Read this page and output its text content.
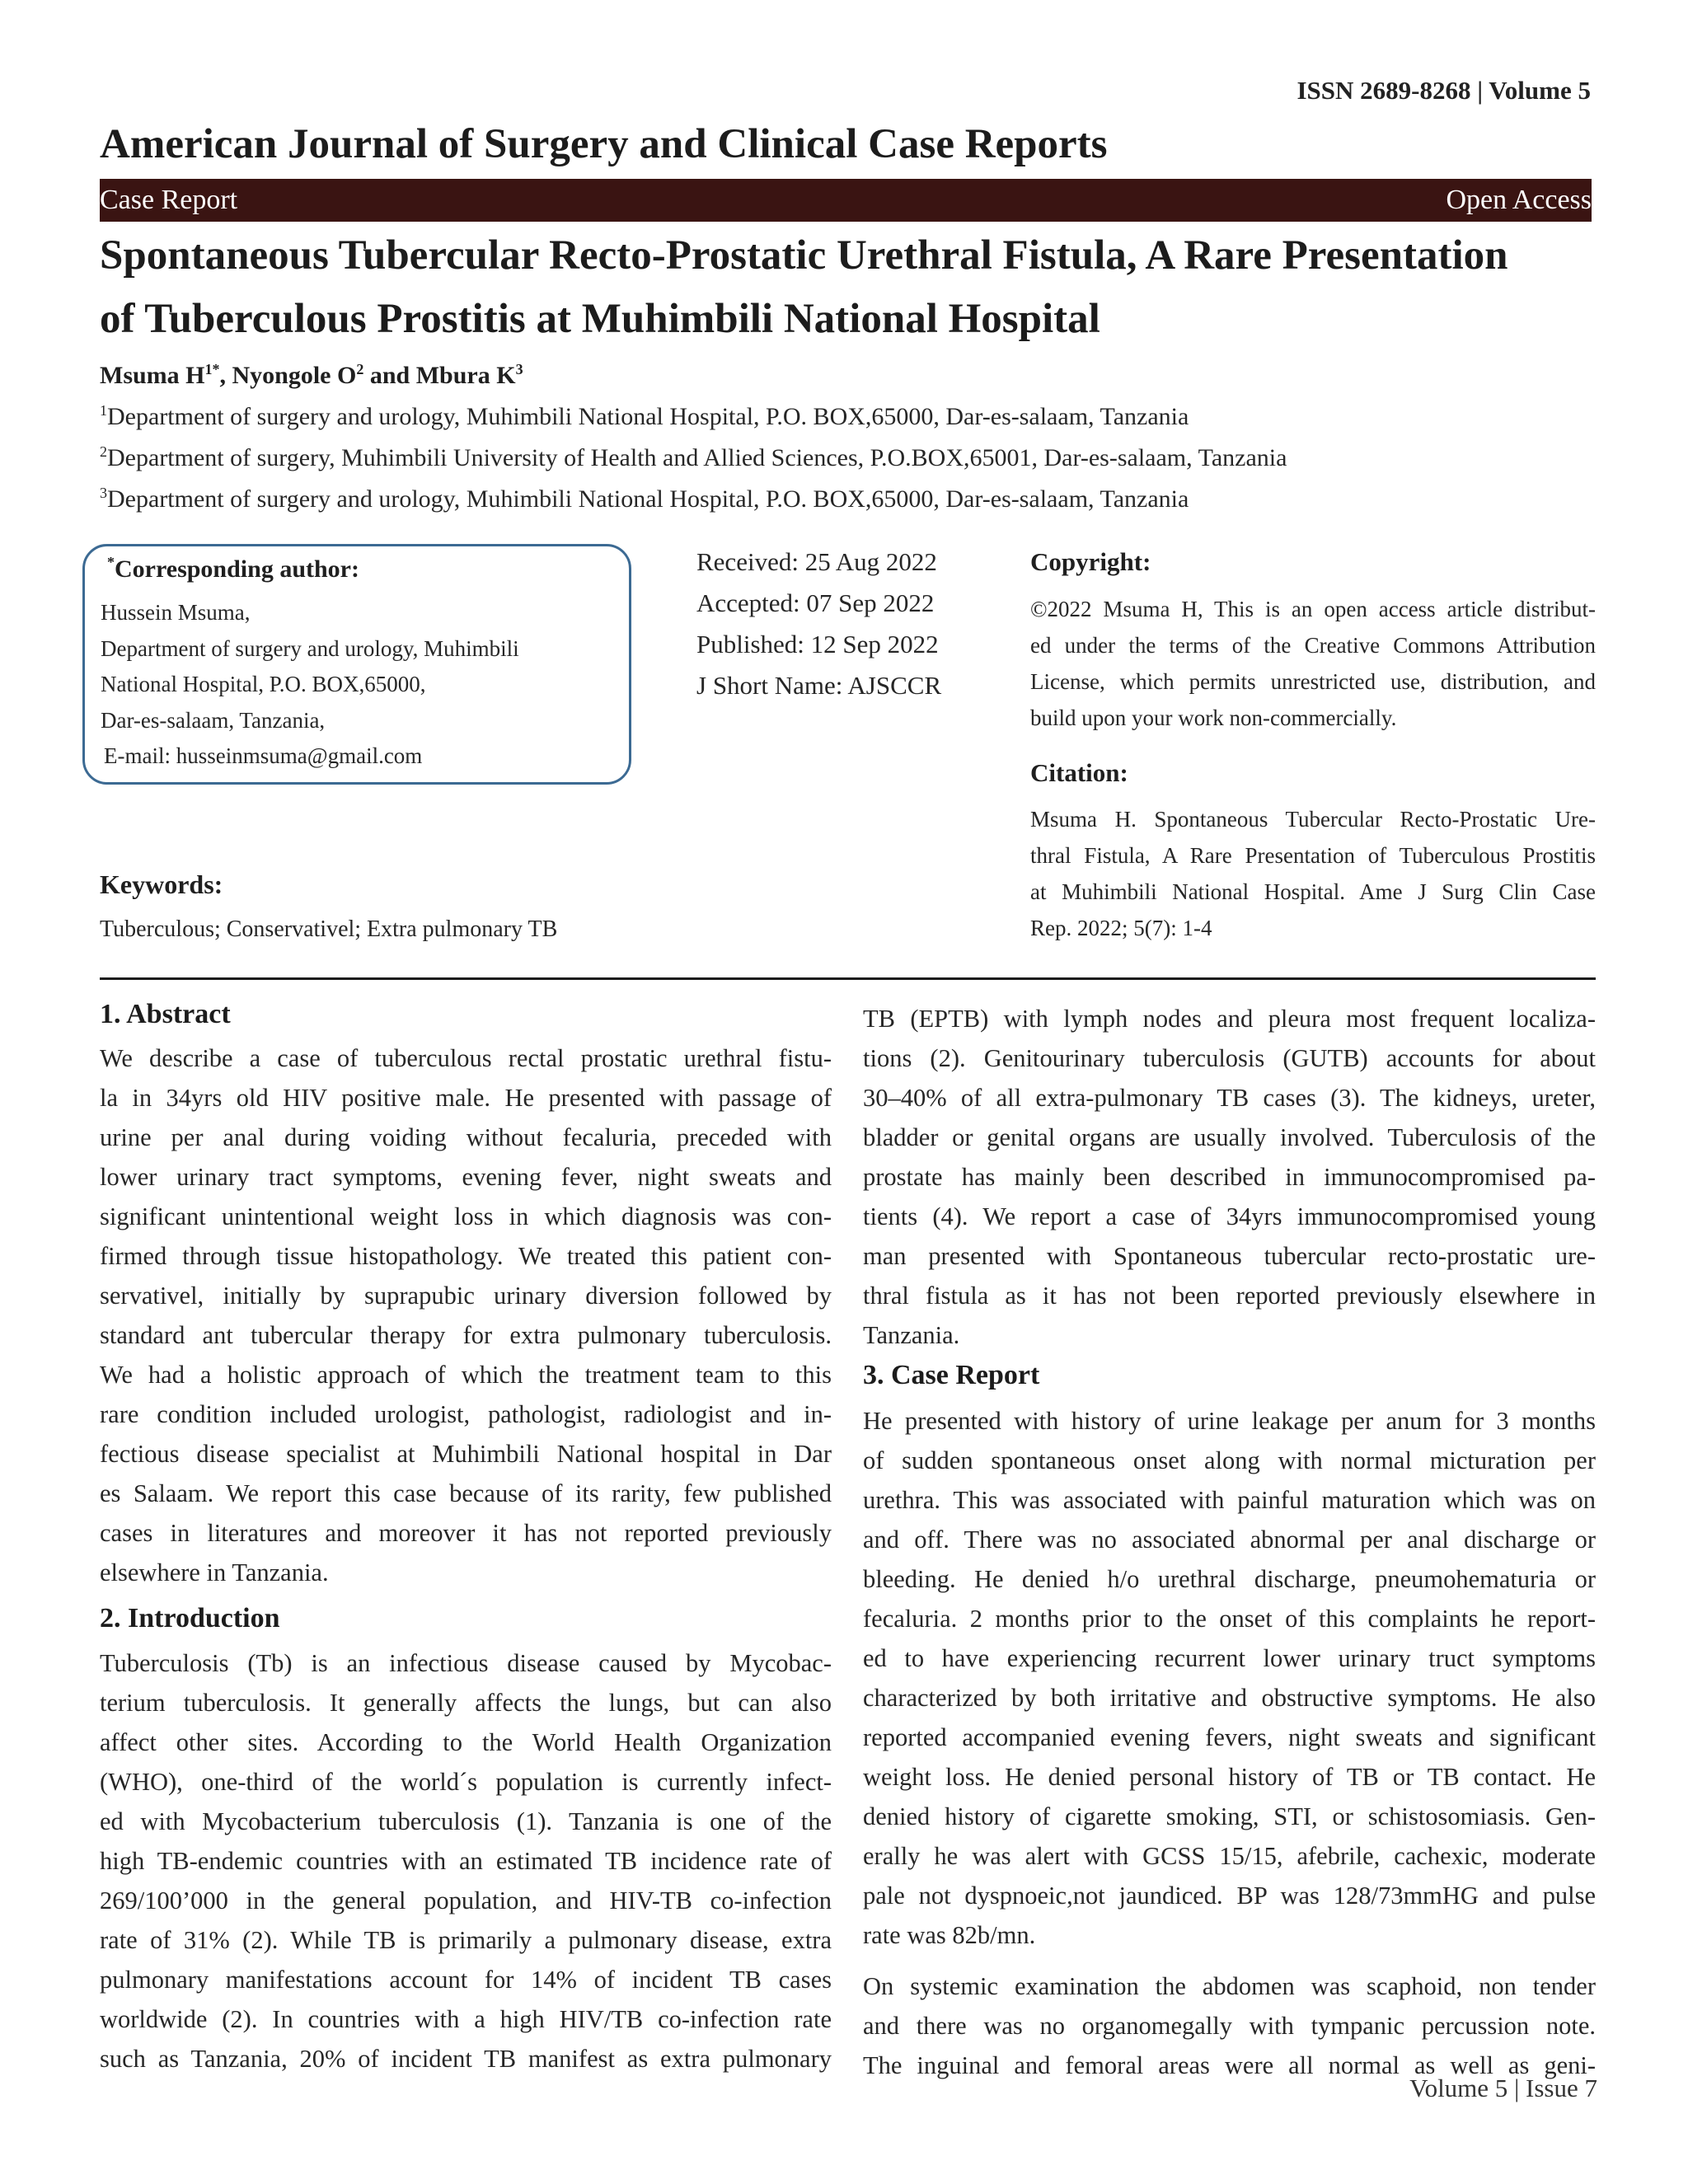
ISSN 2689-8268 | Volume 5
American Journal of Surgery and Clinical Case Reports
Case Report	Open Access
Spontaneous Tubercular Recto-Prostatic Urethral Fistula, A Rare Presentation
of Tuberculous Prostitis at Muhimbili National Hospital
Msuma $H^{1*}$, Nyongole $O^2$ and Mbura $K^3$
$^1$Department of surgery and urology, Muhimbili National Hospital, P.O. BOX,65000, Dar-es-salaam, Tanzania
$^2$Department of surgery, Muhimbili University of Health and Allied Sciences, P.O.BOX,65001, Dar-es-salaam, Tanzania
$^3$Department of surgery and urology, Muhimbili National Hospital, P.O. BOX,65000, Dar-es-salaam, Tanzania
*Corresponding author:
Hussein Msuma,
Department of surgery and urology, Muhimbili
National Hospital, P.O. BOX,65000,
Dar-es-salaam, Tanzania,
E-mail: husseinmsuma@gmail.com
Received: 25 Aug 2022
Accepted: 07 Sep 2022
Published: 12 Sep 2022
J Short Name: AJSCCR
Copyright:
©2022 Msuma H, This is an open access article distribut-
ed under the terms of the Creative Commons Attribution
License, which permits unrestricted use, distribution, and
build upon your work non-commercially.
Citation:
Msuma H. Spontaneous Tubercular Recto-Prostatic Ure-
thral Fistula, A Rare Presentation of Tuberculous Prostitis
at Muhimbili National Hospital. Ame J Surg Clin Case
Rep. 2022; 5(7): 1-4
Keywords:
Tuberculous; Conservativel; Extra pulmonary TB
1. Abstract
We describe a case of tuberculous rectal prostatic urethral fistu-
la in 34yrs old HIV positive male. He presented with passage of
urine per anal during voiding without fecaluria, preceded with
lower urinary tract symptoms, evening fever, night sweats and
significant unintentional weight loss in which diagnosis was con-
firmed through tissue histopathology. We treated this patient con-
servativel, initially by suprapubic urinary diversion followed by
standard ant tubercular therapy for extra pulmonary tuberculosis.
We had a holistic approach of which the treatment team to this
rare condition included urologist, pathologist, radiologist and in-
fectious disease specialist at Muhimbili National hospital in Dar
es Salaam. We report this case because of its rarity, few published
cases in literatures and moreover it has not reported previously
elsewhere in Tanzania.
2. Introduction
Tuberculosis (Tb) is an infectious disease caused by Mycobac-
terium tuberculosis. It generally affects the lungs, but can also
affect other sites. According to the World Health Organization
(WHO), one-third of the world´s population is currently infect-
ed with Mycobacterium tuberculosis (1). Tanzania is one of the
high TB-endemic countries with an estimated TB incidence rate of
269/100’000 in the general population, and HIV-TB co-infection
rate of 31% (2). While TB is primarily a pulmonary disease, extra
pulmonary manifestations account for 14% of incident TB cases
worldwide (2). In countries with a high HIV/TB co-infection rate
such as Tanzania, 20% of incident TB manifest as extra pulmonary
TB (EPTB) with lymph nodes and pleura most frequent localiza-
tions (2). Genitourinary tuberculosis (GUTB) accounts for about
30–40% of all extra-pulmonary TB cases (3). The kidneys, ureter,
bladder or genital organs are usually involved. Tuberculosis of the
prostate has mainly been described in immunocompromised pa-
tients (4). We report a case of 34yrs immunocompromised young
man presented with Spontaneous tubercular recto-prostatic ure-
thral fistula as it has not been reported previously elsewhere in
Tanzania.
3. Case Report
He presented with history of urine leakage per anum for 3 months
of sudden spontaneous onset along with normal micturation per
urethra. This was associated with painful maturation which was on
and off. There was no associated abnormal per anal discharge or
bleeding. He denied h/o urethral discharge, pneumohematuria or
fecaluria. 2 months prior to the onset of this complaints he report-
ed to have experiencing recurrent lower urinary truct symptoms
characterized by both irritative and obstructive symptoms. He also
reported accompanied evening fevers, night sweats and significant
weight loss. He denied personal history of TB or TB contact. He
denied history of cigarette smoking, STI, or schistosomiasis. Gen-
erally he was alert with GCSS 15/15, afebrile, cachexic, moderate
pale not dyspnoeic,not jaundiced. BP was 128/73mmHG and pulse
rate was 82b/mn.
On systemic examination the abdomen was scaphoid, non tender
and there was no organomegally with tympanic percussion note.
The inguinal and femoral areas were all normal as well as geni-
Volume 5 | Issue 7
